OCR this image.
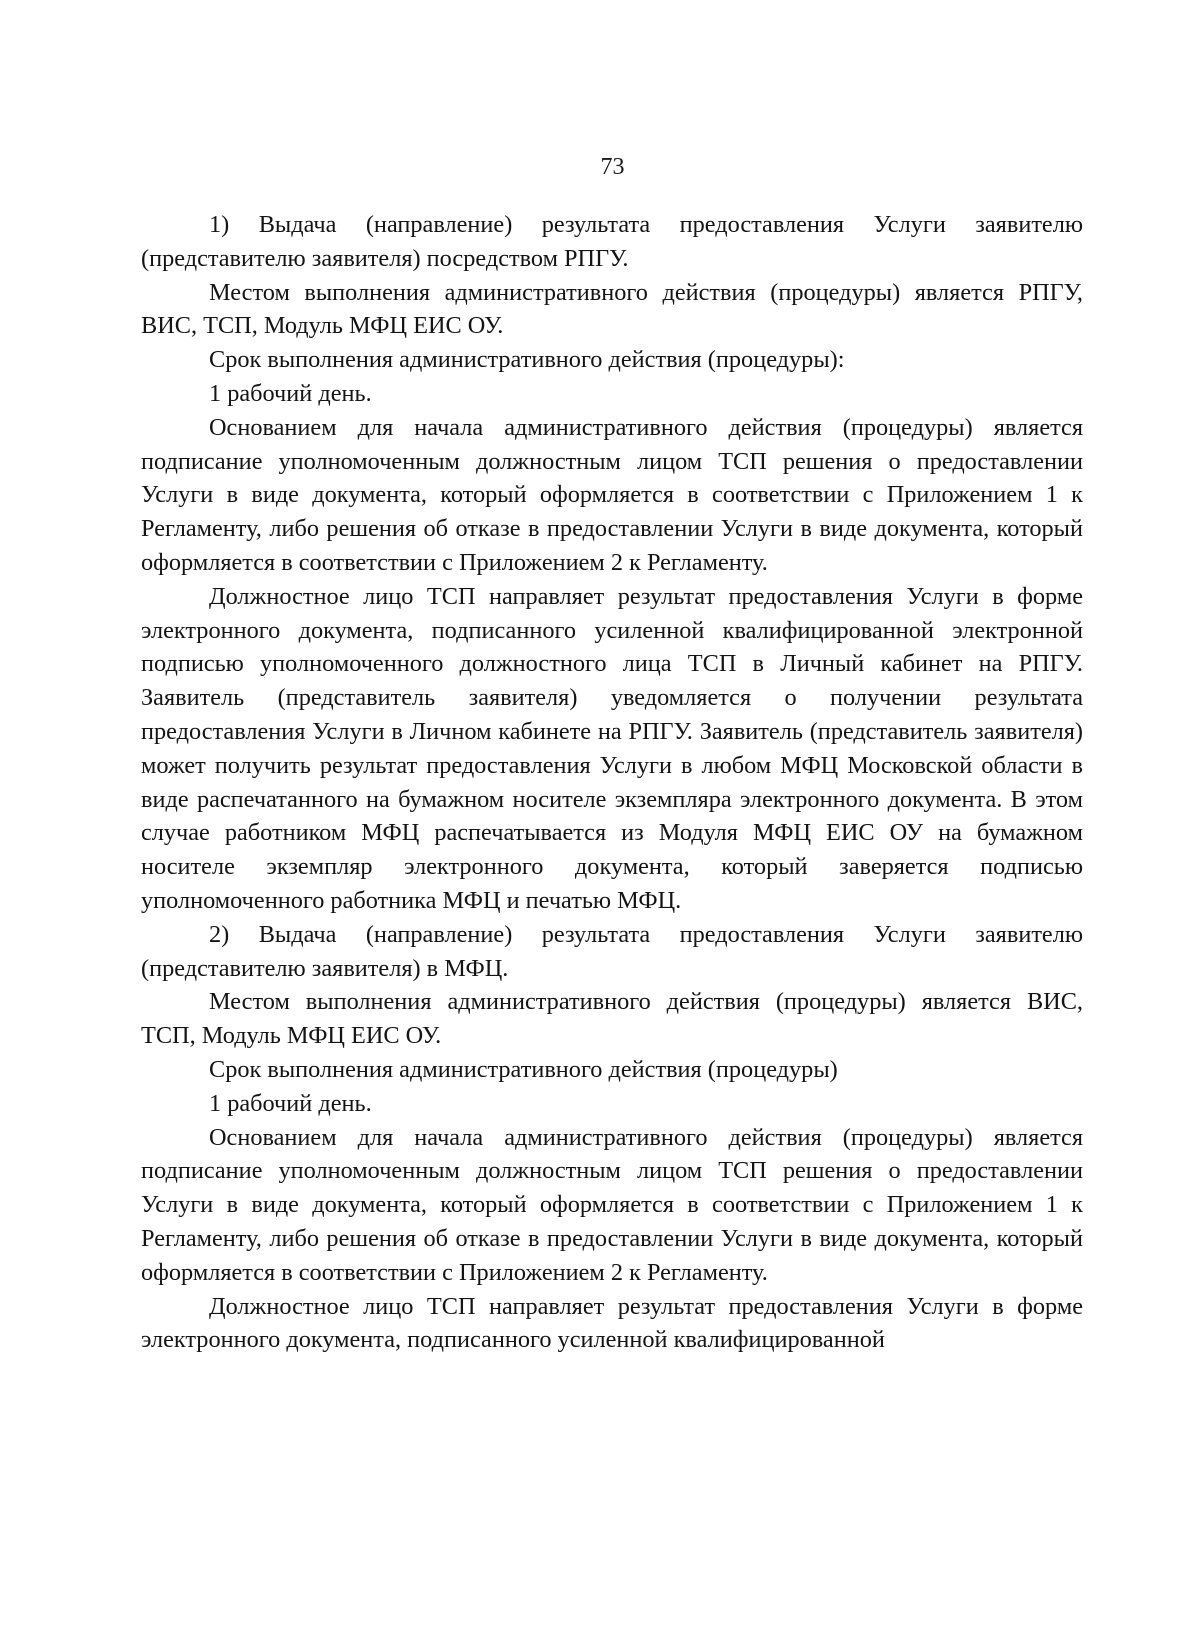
73

1) Выдача (направление) результата предоставления Услуги заявителю (представителю заявителя) посредством РПГУ.

Местом выполнения административного действия (процедуры) является РПГУ, ВИС, ТСП, Модуль МФЦ ЕИС ОУ.

Срок выполнения административного действия (процедуры):

1 рабочий день.

Основанием для начала административного действия (процедуры) является подписание уполномоченным должностным лицом ТСП решения о предоставлении Услуги в виде документа, который оформляется в соответствии с Приложением 1 к Регламенту, либо решения об отказе в предоставлении Услуги в виде документа, который оформляется в соответствии с Приложением 2 к Регламенту.

Должностное лицо ТСП направляет результат предоставления Услуги в форме электронного документа, подписанного усиленной квалифицированной электронной подписью уполномоченного должностного лица ТСП в Личный кабинет на РПГУ. Заявитель (представитель заявителя) уведомляется о получении результата предоставления Услуги в Личном кабинете на РПГУ. Заявитель (представитель заявителя) может получить результат предоставления Услуги в любом МФЦ Московской области в виде распечатанного на бумажном носителе экземпляра электронного документа. В этом случае работником МФЦ распечатывается из Модуля МФЦ ЕИС ОУ на бумажном носителе экземпляр электронного документа, который заверяется подписью уполномоченного работника МФЦ и печатью МФЦ.

2) Выдача (направление) результата предоставления Услуги заявителю (представителю заявителя) в МФЦ.

Местом выполнения административного действия (процедуры) является ВИС, ТСП, Модуль МФЦ ЕИС ОУ.

Срок выполнения административного действия (процедуры)

1 рабочий день.

Основанием для начала административного действия (процедуры) является подписание уполномоченным должностным лицом ТСП решения о предоставлении Услуги в виде документа, который оформляется в соответствии с Приложением 1 к Регламенту, либо решения об отказе в предоставлении Услуги в виде документа, который оформляется в соответствии с Приложением 2 к Регламенту.

Должностное лицо ТСП направляет результат предоставления Услуги в форме электронного документа, подписанного усиленной квалифицированной
